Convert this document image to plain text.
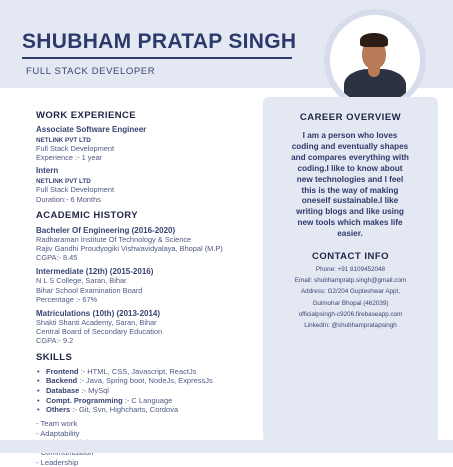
SHUBHAM PRATAP SINGH
FULL STACK DEVELOPER
WORK EXPERIENCE
Associate Software Engineer
NETLINK PVT LTD
Full Stack Development
Experience :- 1 year
Intern
NETLINK PVT LTD
Full Stack Development
Duration:- 6 Months
ACADEMIC HISTORY
Bacheler Of Engineering (2016-2020)
Radharaman Institute Of Technology & Science
Rajiv Gandhi Proudyogiki Vishwavidyalaya, Bhopal (M.P)
CGPA:- 8.45
Intermediate (12th) (2015-2016)
N L S College, Saran, Bihar
Bihar School Examination Board
Percentage :- 67%
Matriculations (10th) (2013-2014)
Shakti Shanti Academy, Saran, Bihar
Central Board of Secondary Education
CGPA:- 9.2
SKILLS
• Frontend :- HTML, CSS, Javascript, ReactJs
• Backend :- Java, Spring boot, NodeJs, ExpressJs
• Database :- MySql
• Compt. Programming :- C Language
• Others :- Git, Svn, Highcharts, Cordova
- Team work
- Adaptability
- Leadership
CAREER OVERVIEW
I am a person who loves coding and eventually shapes and compares everything with coding.I like to know about new technologies and I feel this is the way of making oneself sustainable.I like writing blogs and like using new tools which makes life easier.
CONTACT INFO
Phone: +91 8109452048
Email: shubhampratp.singh@gmail.com
Address: G2/204 Gupteshwar Appt,
Gulmohar Bhopal (462039)
officialpsingh-c9206.firebaseapp.com
LinkedIn: @shubhampratapsingh
